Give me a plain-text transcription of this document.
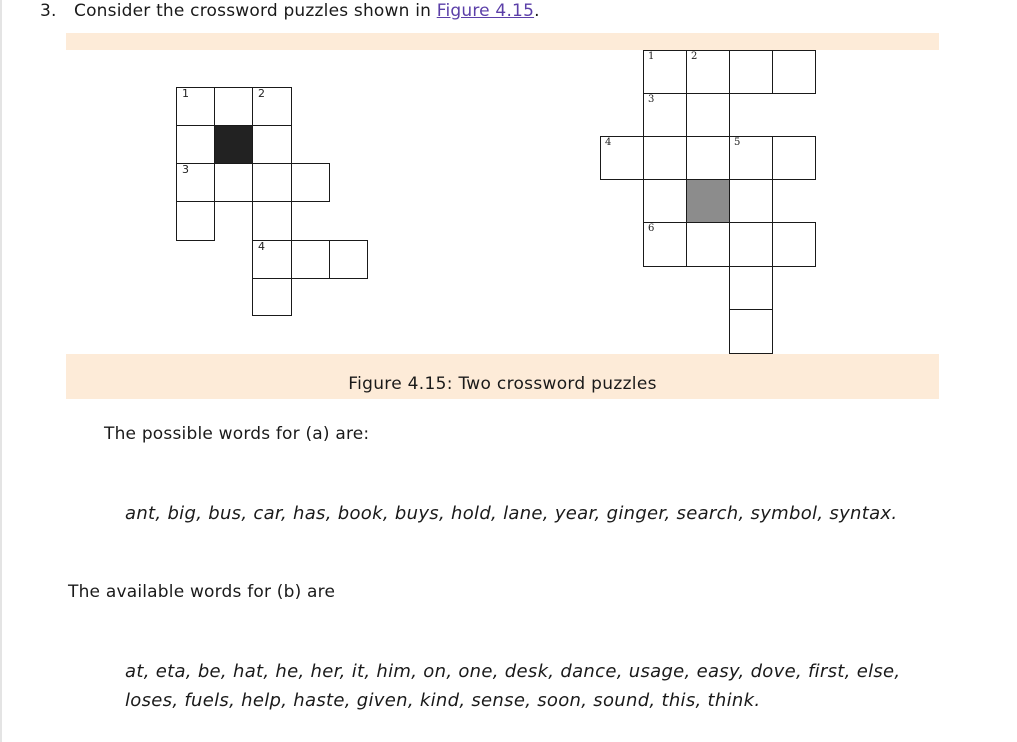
3. Consider the crossword puzzles shown in Figure 4.15.
1	2
3
4
1	2
3
4	5
6
Figure 4.15: Two crossword puzzles
The possible words for (a) are:
ant, big, bus, car, has, book, buys, hold, lane, year, ginger, search, symbol, syntax.
The available words for (b) are
at, eta, be, hat, he, her, it, him, on, one, desk, dance, usage, easy, dove, first, else,
loses, fuels, help, haste, given, kind, sense, soon, sound, this, think.
